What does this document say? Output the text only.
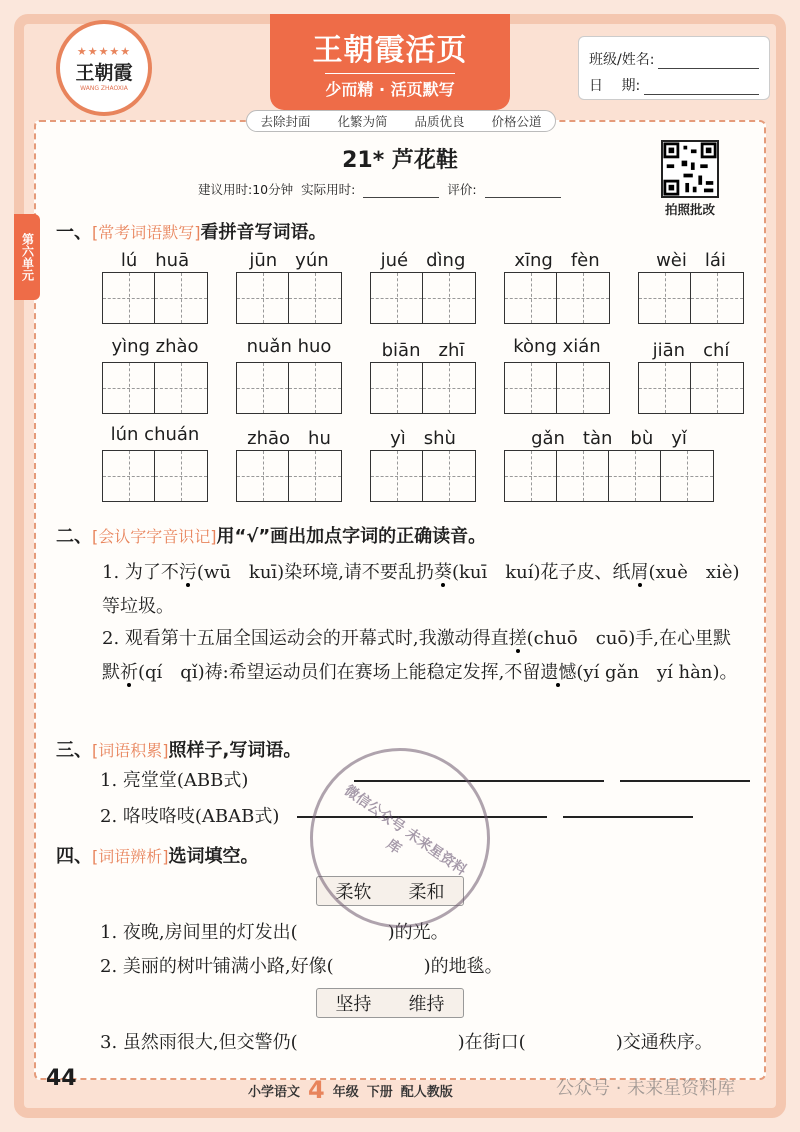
★★★★★
王朝霞
WANG ZHAOXIA
王朝霞活页
少而精 · 活页默写
班级/姓名:
日　 期:
去除封面 化繁为简 品质优良 价格公道
第六单元
21* 芦花鞋
建议用时:10分钟 实际用时:	评价:
拍照批改
一、[常考词语默写]看拼音写词语。
lú　huā	jūn　yún	jué　dìng	xīng　fèn	wèi　lái
yìng zhào	nuǎn huo	biān　zhī	kòng xián	jiān　chí
lún chuán	zhāo　hu	yì　shù	gǎn　tàn　bù　yǐ
二、[会认字字音识记]用“√”画出加点字词的正确读音。
1. 为了不污(wū　kuī)染环境,请不要乱扔葵(kuī　kuí)花子皮、纸屑(xuè　xiè)等垃圾。
2. 观看第十五届全国运动会的开幕式时,我激动得直搓(chuō　cuō)手,在心里默默祈(qí　qǐ)祷:希望运动员们在赛场上能稳定发挥,不留遗憾(yí gǎn　yí hàn)。
三、[词语积累]照样子,写词语。
1. 亮堂堂(ABB式)
2. 咯吱咯吱(ABAB式)
四、[词语辨析]选词填空。
柔软 柔和
1. 夜晚,房间里的灯发出(	)的光。
2. 美丽的树叶铺满小路,好像(	)的地毯。
坚持 维持
3. 虽然雨很大,但交警仍(	)在街口(	)交通秩序。
微信公众号 未来星资料库
44
小学语文 4 年级 下册 配人教版	公众号 · 未来星资料库
